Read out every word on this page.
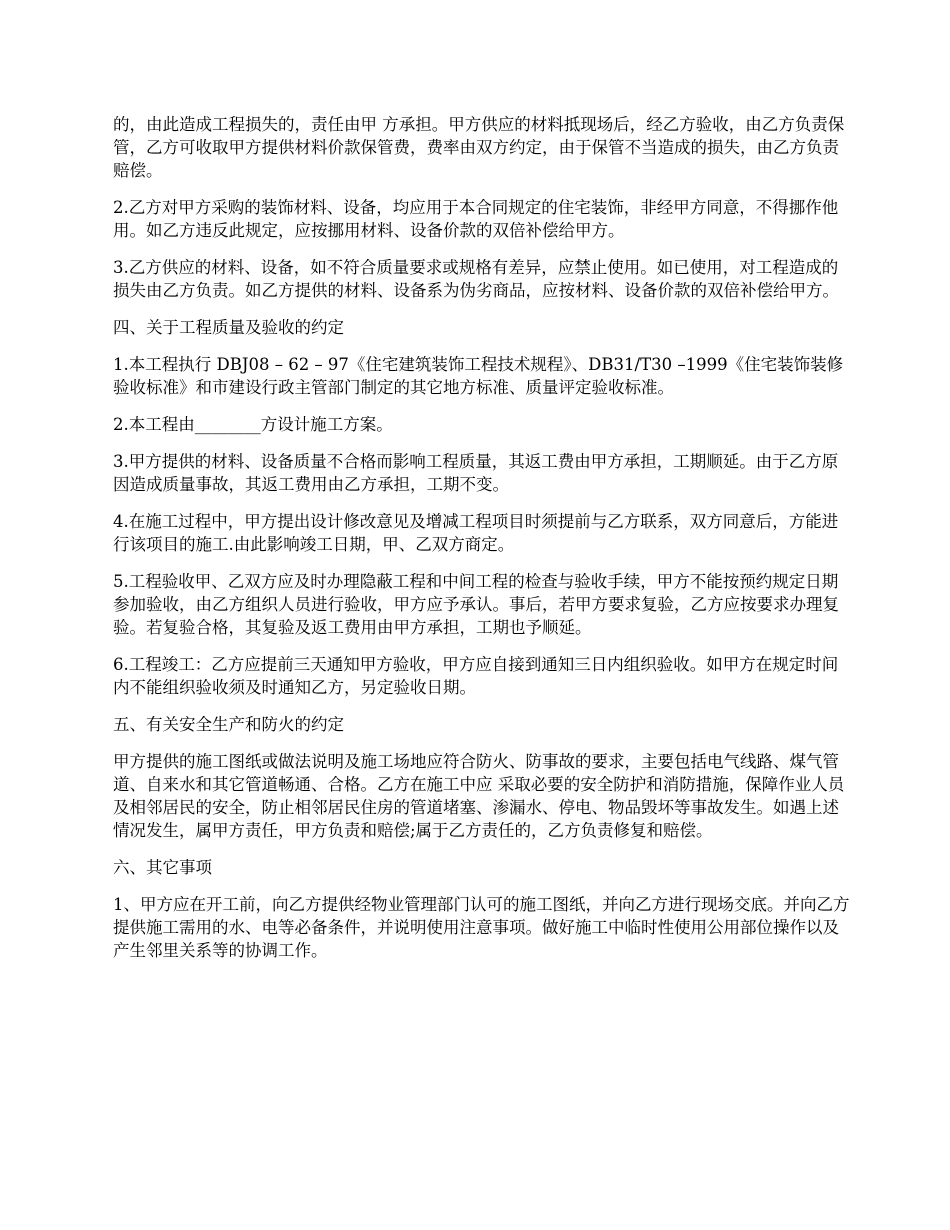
的，由此造成工程损失的，责任由甲 方承担。甲方供应的材料抵现场后，经乙方验收，由乙方负责保管，乙方可收取甲方提供材料价款保管费，费率由双方约定，由于保管不当造成的损失，由乙方负责赔偿。

2.乙方对甲方采购的装饰材料、设备，均应用于本合同规定的住宅装饰，非经甲方同意，不得挪作他用。如乙方违反此规定，应按挪用材料、设备价款的双倍补偿给甲方。

3.乙方供应的材料、设备，如不符合质量要求或规格有差异，应禁止使用。如已使用，对工程造成的损失由乙方负责。如乙方提供的材料、设备系为伪劣商品，应按材料、设备价款的双倍补偿给甲方。

四、关于工程质量及验收的约定

1.本工程执行 DBJ08 – 62 – 97《住宅建筑装饰工程技术规程》、DB31/T30 –1999《住宅装饰装修验收标准》和市建设行政主管部门制定的其它地方标准、质量评定验收标准。

2.本工程由________方设计施工方案。

3.甲方提供的材料、设备质量不合格而影响工程质量，其返工费由甲方承担，工期顺延。由于乙方原因造成质量事故，其返工费用由乙方承担，工期不变。

4.在施工过程中，甲方提出设计修改意见及增减工程项目时须提前与乙方联系，双方同意后，方能进行该项目的施工.由此影响竣工日期，甲、乙双方商定。

5.工程验收甲、乙双方应及时办理隐蔽工程和中间工程的检查与验收手续，甲方不能按预约规定日期参加验收，由乙方组织人员进行验收，甲方应予承认。事后，若甲方要求复验，乙方应按要求办理复验。若复验合格，其复验及返工费用由甲方承担，工期也予顺延。

6.工程竣工：乙方应提前三天通知甲方验收，甲方应自接到通知三日内组织验收。如甲方在规定时间内不能组织验收须及时通知乙方，另定验收日期。

五、有关安全生产和防火的约定

甲方提供的施工图纸或做法说明及施工场地应符合防火、防事故的要求，主要包括电气线路、煤气管道、自来水和其它管道畅通、合格。乙方在施工中应 采取必要的安全防护和消防措施，保障作业人员及相邻居民的安全，防止相邻居民住房的管道堵塞、渗漏水、停电、物品毁坏等事故发生。如遇上述情况发生，属甲方责任，甲方负责和赔偿;属于乙方责任的，乙方负责修复和赔偿。

六、其它事项

1、甲方应在开工前，向乙方提供经物业管理部门认可的施工图纸，并向乙方进行现场交底。并向乙方提供施工需用的水、电等必备条件，并说明使用注意事项。做好施工中临时性使用公用部位操作以及产生邻里关系等的协调工作。
